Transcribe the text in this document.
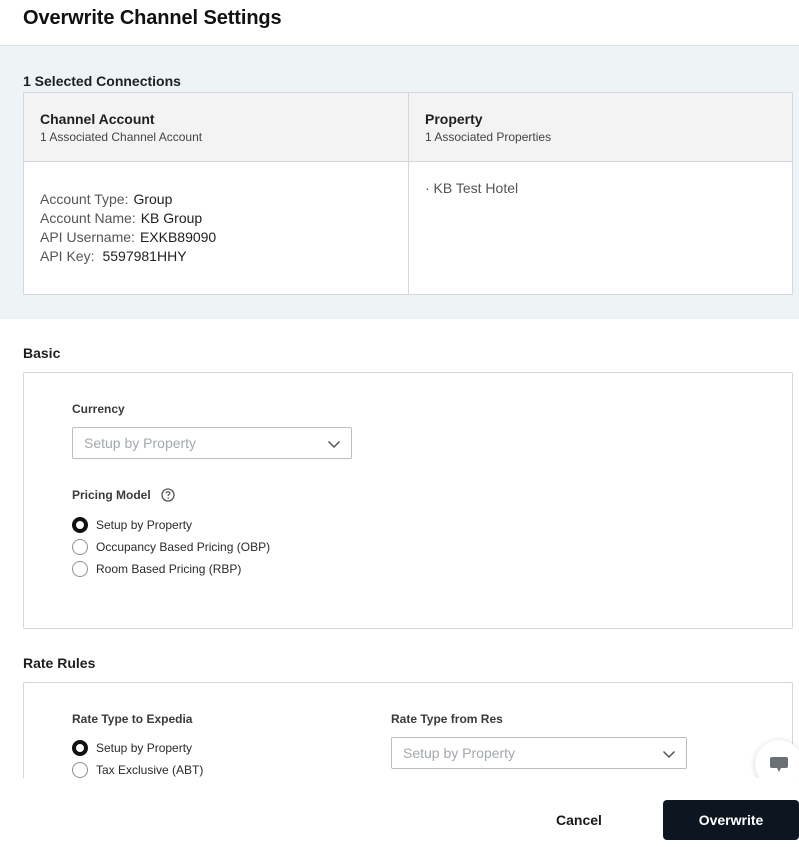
Overwrite Channel Settings
1 Selected Connections
Channel Account
1 Associated Channel Account
Account Type: Group
Account Name: KB Group
API Username: EXKB89090
API Key: 5597981HHY
Property
1 Associated Properties
· KB Test Hotel
Basic
Currency
Setup by Property
Pricing Model
Setup by Property
Occupancy Based Pricing (OBP)
Room Based Pricing (RBP)
Rate Rules
Rate Type to Expedia
Setup by Property
Tax Exclusive (ABT)
Rate Type from Res
Setup by Property
Cancel	Overwrite
